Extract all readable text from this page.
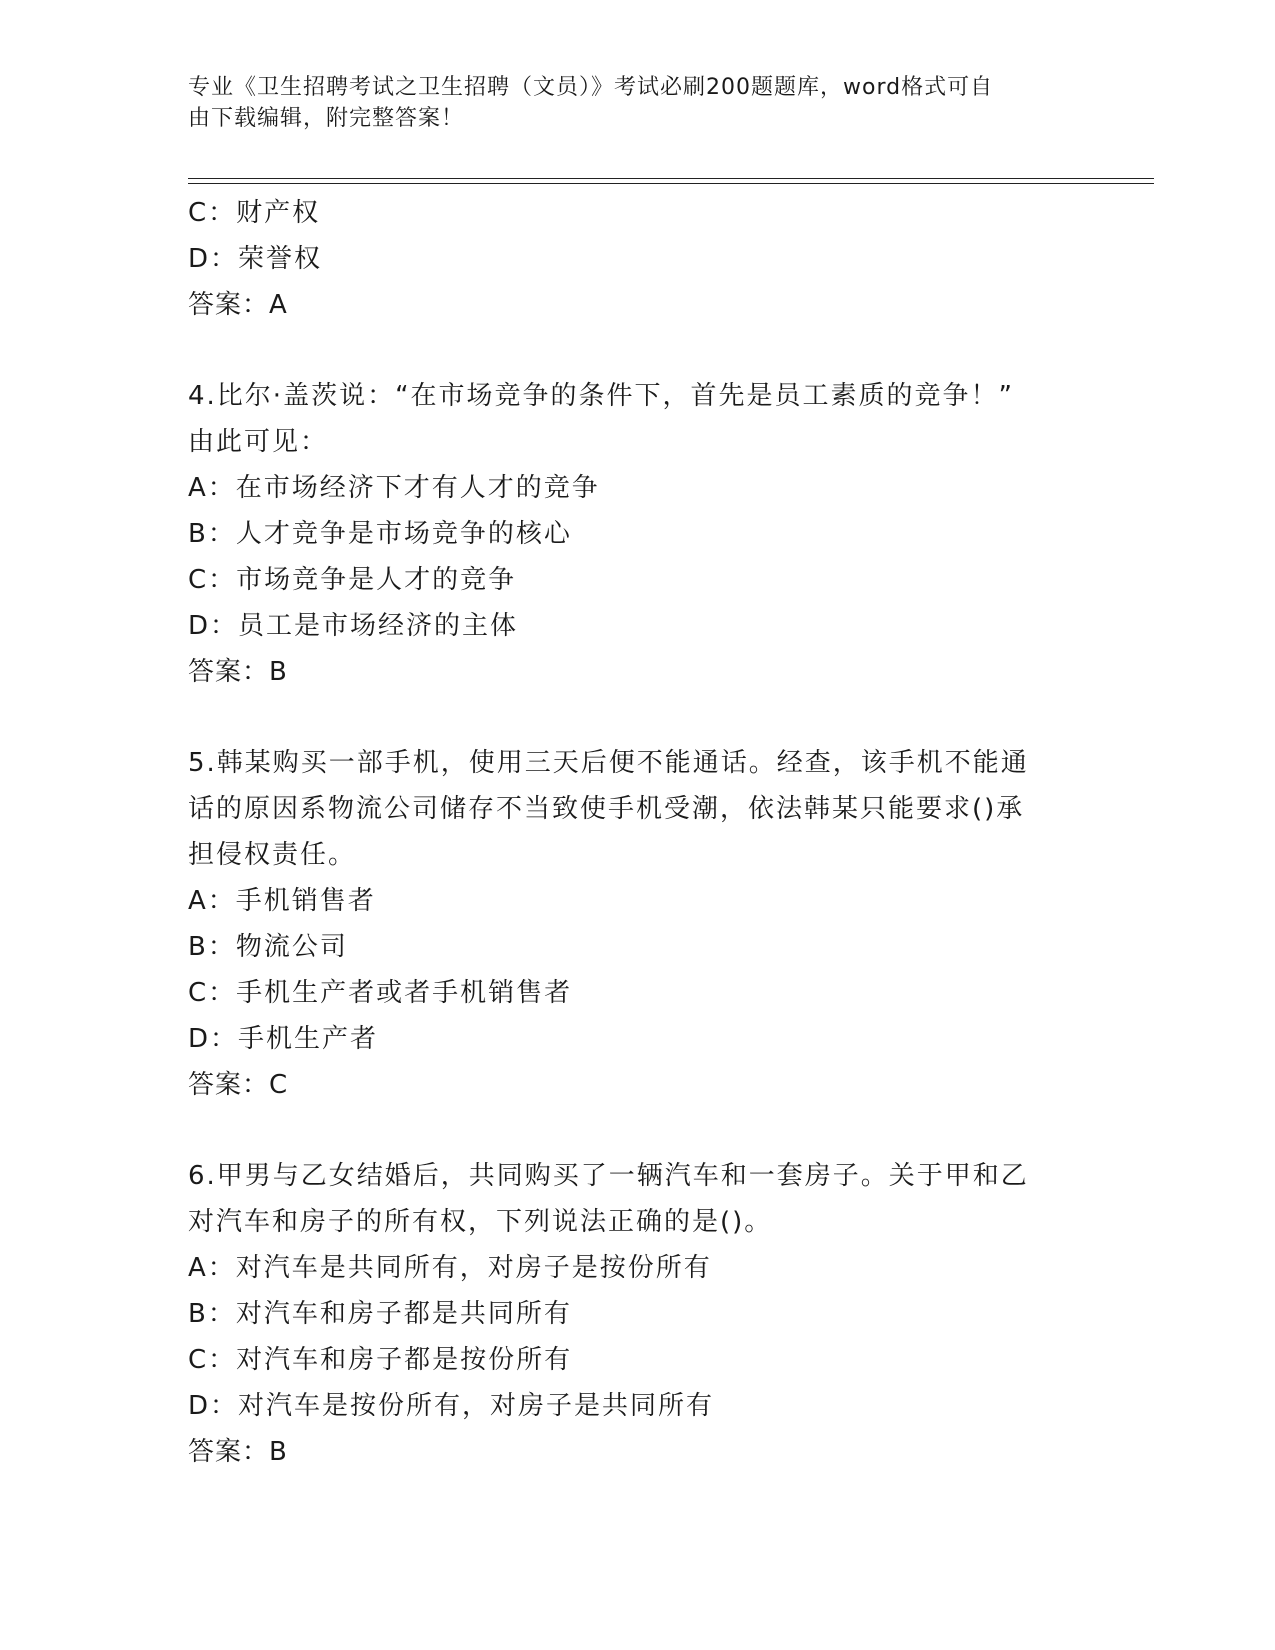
专业《卫生招聘考试之卫生招聘（文员）》考试必刷200题题库，word格式可自
由下载编辑，附完整答案！
C：财产权
D：荣誉权
答案：A
4.比尔·盖茨说：“在市场竞争的条件下，首先是员工素质的竞争！”
由此可见：
A：在市场经济下才有人才的竞争
B：人才竞争是市场竞争的核心
C：市场竞争是人才的竞争
D：员工是市场经济的主体
答案：B
5.韩某购买一部手机，使用三天后便不能通话。经查，该手机不能通
话的原因系物流公司储存不当致使手机受潮，依法韩某只能要求()承
担侵权责任。
A：手机销售者
B：物流公司
C：手机生产者或者手机销售者
D：手机生产者
答案：C
6.甲男与乙女结婚后，共同购买了一辆汽车和一套房子。关于甲和乙
对汽车和房子的所有权，下列说法正确的是()。
A：对汽车是共同所有，对房子是按份所有
B：对汽车和房子都是共同所有
C：对汽车和房子都是按份所有
D：对汽车是按份所有，对房子是共同所有
答案：B
